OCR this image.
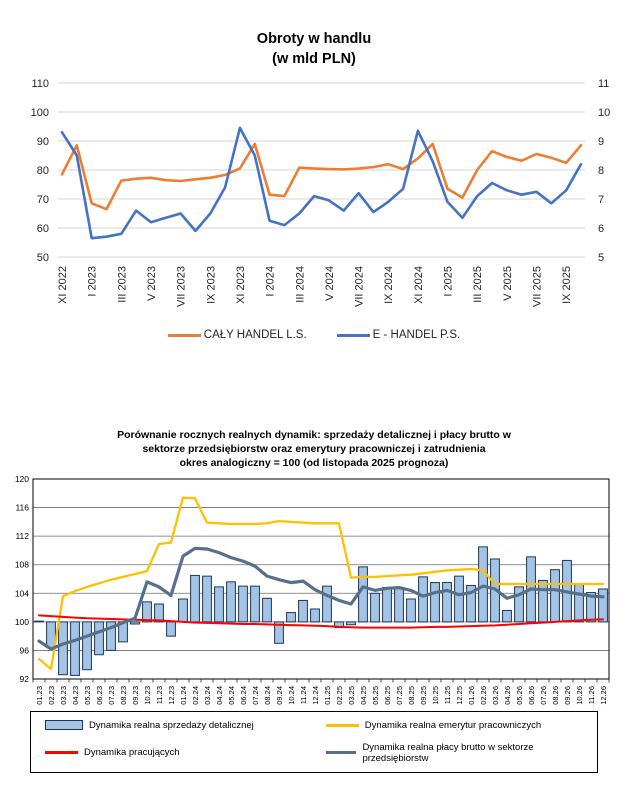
Obroty w handlu
(w mld PLN)
50	5
60	6
70	7
80	8
90	9
100	10
110	11
XI 2022 I 2023 III 2023 V 2023 VII 2023 IX 2023 XI 2023 I 2024 III 2024 V 2024 VII 2024 IX 2024 XI 2024 I 2025 III 2025 V 2025 VII 2025 IX 2025
CAŁY HANDEL L.S.	E - HANDEL P.S.
Porównanie rocznych realnych dynamik: sprzedaży detalicznej i płacy brutto w
sektorze przedsiębiorstw oraz emerytury pracowniczej i zatrudnienia
okres analogiczny = 100 (od listopada 2025 prognoza)
92
96
100
104
108
112
116
120
01.23 02.23 03.23 04.23 05.23 06.23 07.23 08.23 09.23 10.23 11.23 12.23 01.24 02.24 03.24 04.24 05.24 06.24 07.24 08.24 09.24 10.24 11.24 12.24 01.25 02.25 03.25 04.25 05.25 06.25 07.25 08.25 09.25 10.25 11.25 12.25 01.26 02.26 03.26 04.26 05.26 06.26 07.26 08.26 09.26 10.26 11.26 12.26
Dynamika realna sprzedaży detalicznej	Dynamika realna emerytur pracowniczych
Dynamika pracujących	Dynamika realna płacy brutto w sektorze przedsiębiorstw
